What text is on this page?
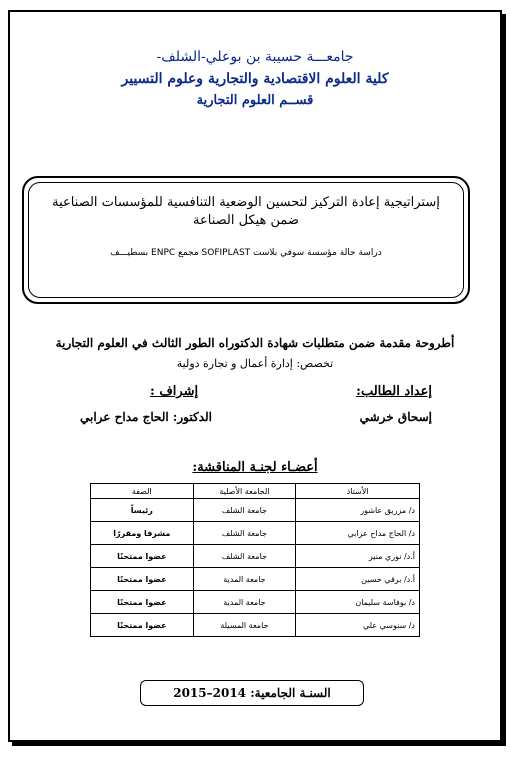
جامعـــة حسيبة بن بوعلي-الشلف-
كلية العلوم الاقتصادية والتجارية وعلوم التسيير
قســم العلوم التجارية
إستراتيجية إعادة التركيز لتحسين الوضعية التنافسية للمؤسسات الصناعية
ضمن هيكل الصناعة
دراسة حالة مؤسسة سوفي بلاست SOFIPLAST مجمع ENPC بسطيـــف
أطروحة مقدمة ضمن متطلبات شهادة الدكتوراه الطور الثالث في العلوم التجارية
تخصص: إدارة أعمال و تجارة دولية
إعداد الطالب:
إشراف :
إسحاق خرشي
الدكتور: الحاج مداح عرابي
أعضـاء لجنـة المناقشة:
الأستاذ	الجامعة الأصلية	الصفة
د/ مزريق عاشور	جامعة الشلف	رئيساً
د/ الحاج مداح عرابي	جامعة الشلف	مشرفا ومقررًا
أ.د/ نوري منير	جامعة الشلف	عضوا ممتحنًا
أ.د/ برقي حسين	جامعة المدية	عضوا ممتحنًا
د/ بوفاسة سليمان	جامعة المدية	عضوا ممتحنًا
د/ سنوسي علي	جامعة المسيلة	عضوا ممتحنًا
السنـة الجامعية: 2014–2015
